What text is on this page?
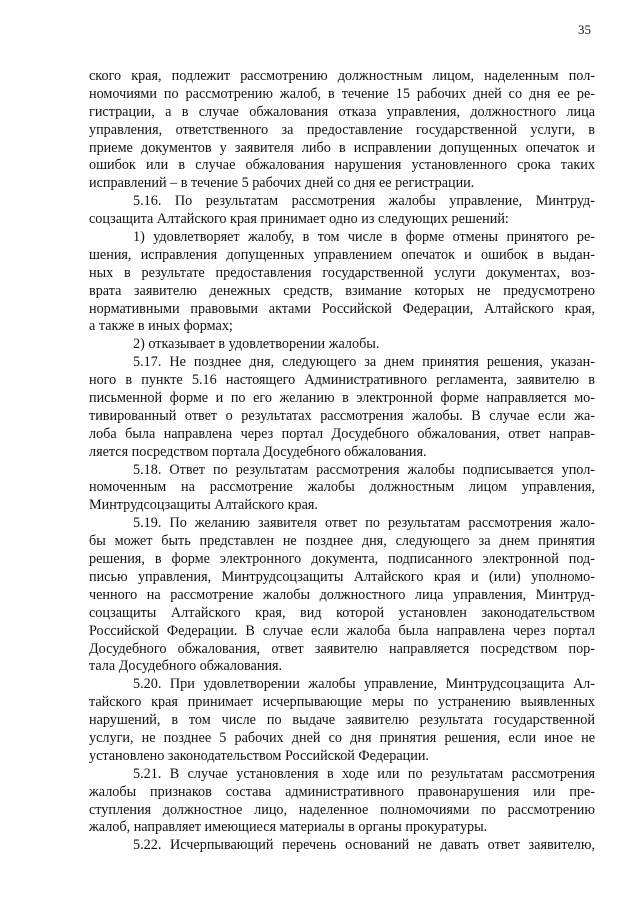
35
ского края, подлежит рассмотрению должностным лицом, наделенным пол-
номочиями по рассмотрению жалоб, в течение 15 рабочих дней со дня ее ре-
гистрации, а в случае обжалования отказа управления, должностного лица
управления, ответственного за предоставление государственной услуги, в
приеме документов у заявителя либо в исправлении допущенных опечаток и
ошибок или в случае обжалования нарушения установленного срока таких
исправлений – в течение 5 рабочих дней со дня ее регистрации.
5.16. По результатам рассмотрения жалобы управление, Минтруд-
соцзащита Алтайского края принимает одно из следующих решений:
1) удовлетворяет жалобу, в том числе в форме отмены принятого ре-
шения, исправления допущенных управлением опечаток и ошибок в выдан-
ных в результате предоставления государственной услуги документах, воз-
врата заявителю денежных средств, взимание которых не предусмотрено
нормативными правовыми актами Российской Федерации, Алтайского края,
а также в иных формах;
2) отказывает в удовлетворении жалобы.
5.17. Не позднее дня, следующего за днем принятия решения, указан-
ного в пункте 5.16 настоящего Административного регламента, заявителю в
письменной форме и по его желанию в электронной форме направляется мо-
тивированный ответ о результатах рассмотрения жалобы. В случае если жа-
лоба была направлена через портал Досудебного обжалования, ответ направ-
ляется посредством портала Досудебного обжалования.
5.18. Ответ по результатам рассмотрения жалобы подписывается упол-
номоченным на рассмотрение жалобы должностным лицом управления,
Минтрудсоцзащиты Алтайского края.
5.19. По желанию заявителя ответ по результатам рассмотрения жало-
бы может быть представлен не позднее дня, следующего за днем принятия
решения, в форме электронного документа, подписанного электронной под-
писью управления, Минтрудсоцзащиты Алтайского края и (или) уполномо-
ченного на рассмотрение жалобы должностного лица управления, Минтруд-
соцзащиты Алтайского края, вид которой установлен законодательством
Российской Федерации. В случае если жалоба была направлена через портал
Досудебного обжалования, ответ заявителю направляется посредством пор-
тала Досудебного обжалования.
5.20. При удовлетворении жалобы управление, Минтрудсоцзащита Ал-
тайского края принимает исчерпывающие меры по устранению выявленных
нарушений, в том числе по выдаче заявителю результата государственной
услуги, не позднее 5 рабочих дней со дня принятия решения, если иное не
установлено законодательством Российской Федерации.
5.21. В случае установления в ходе или по результатам рассмотрения
жалобы признаков состава административного правонарушения или пре-
ступления должностное лицо, наделенное полномочиями по рассмотрению
жалоб, направляет имеющиеся материалы в органы прокуратуры.
5.22. Исчерпывающий перечень оснований не давать ответ заявителю,
